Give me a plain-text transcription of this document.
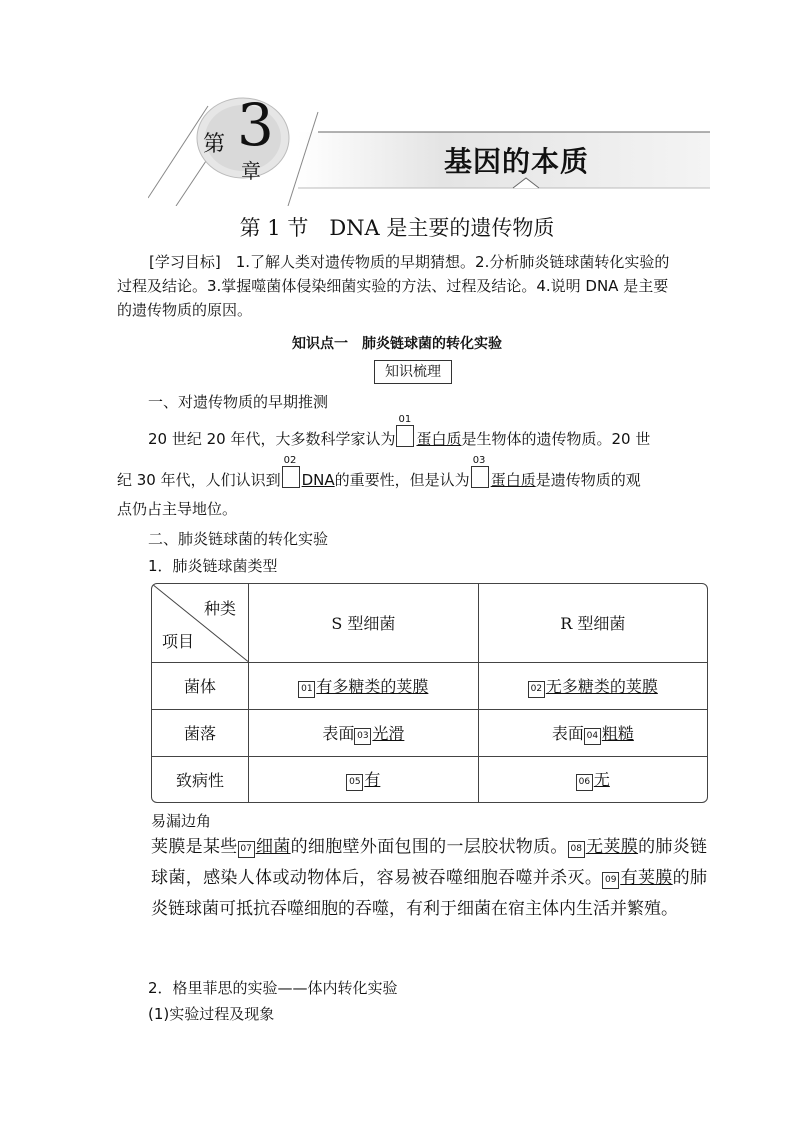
第 3
章	基因的本质
第 1 节　DNA 是主要的遗传物质
[学习目标]　 1.了解人类对遗传物质的早期猜想。2.分析肺炎链球菌转化实验的过程及结论。3.掌握噬菌体侵染细菌实验的方法、过程及结论。4.说明 DNA 是主要的遗传物质的原因。
知识点一　肺炎链球菌的转化实验
知识梳理
一、对遗传物质的早期推测
20 世纪 20 年代，大多数科学家认为
01
蛋白质是生物体的遗传物质。20 世
纪 30 年代，人们认识到
02
DNA的重要性，但是认为
03
蛋白质是遗传物质的观
点仍占主导地位。
二、肺炎链球菌的转化实验
1．肺炎链球菌类型
种类
项目	S 型细菌	R 型细菌
菌体	01 有多糖类的荚膜	02 无多糖类的荚膜
菌落	表面 03 光滑	表面 04 粗糙
致病性	05 有	06 无
易漏边角
荚膜是某些 07 细菌的细胞壁外面包围的一层胶状物质。 08 无荚膜的肺炎链球菌，感染人体或动物体后，容易被吞噬细胞吞噬并杀灭。 09 有荚膜的肺炎链球菌可抵抗吞噬细胞的吞噬，有利于细菌在宿主体内生活并繁殖。
2．格里菲思的实验——体内转化实验
(1)实验过程及现象
